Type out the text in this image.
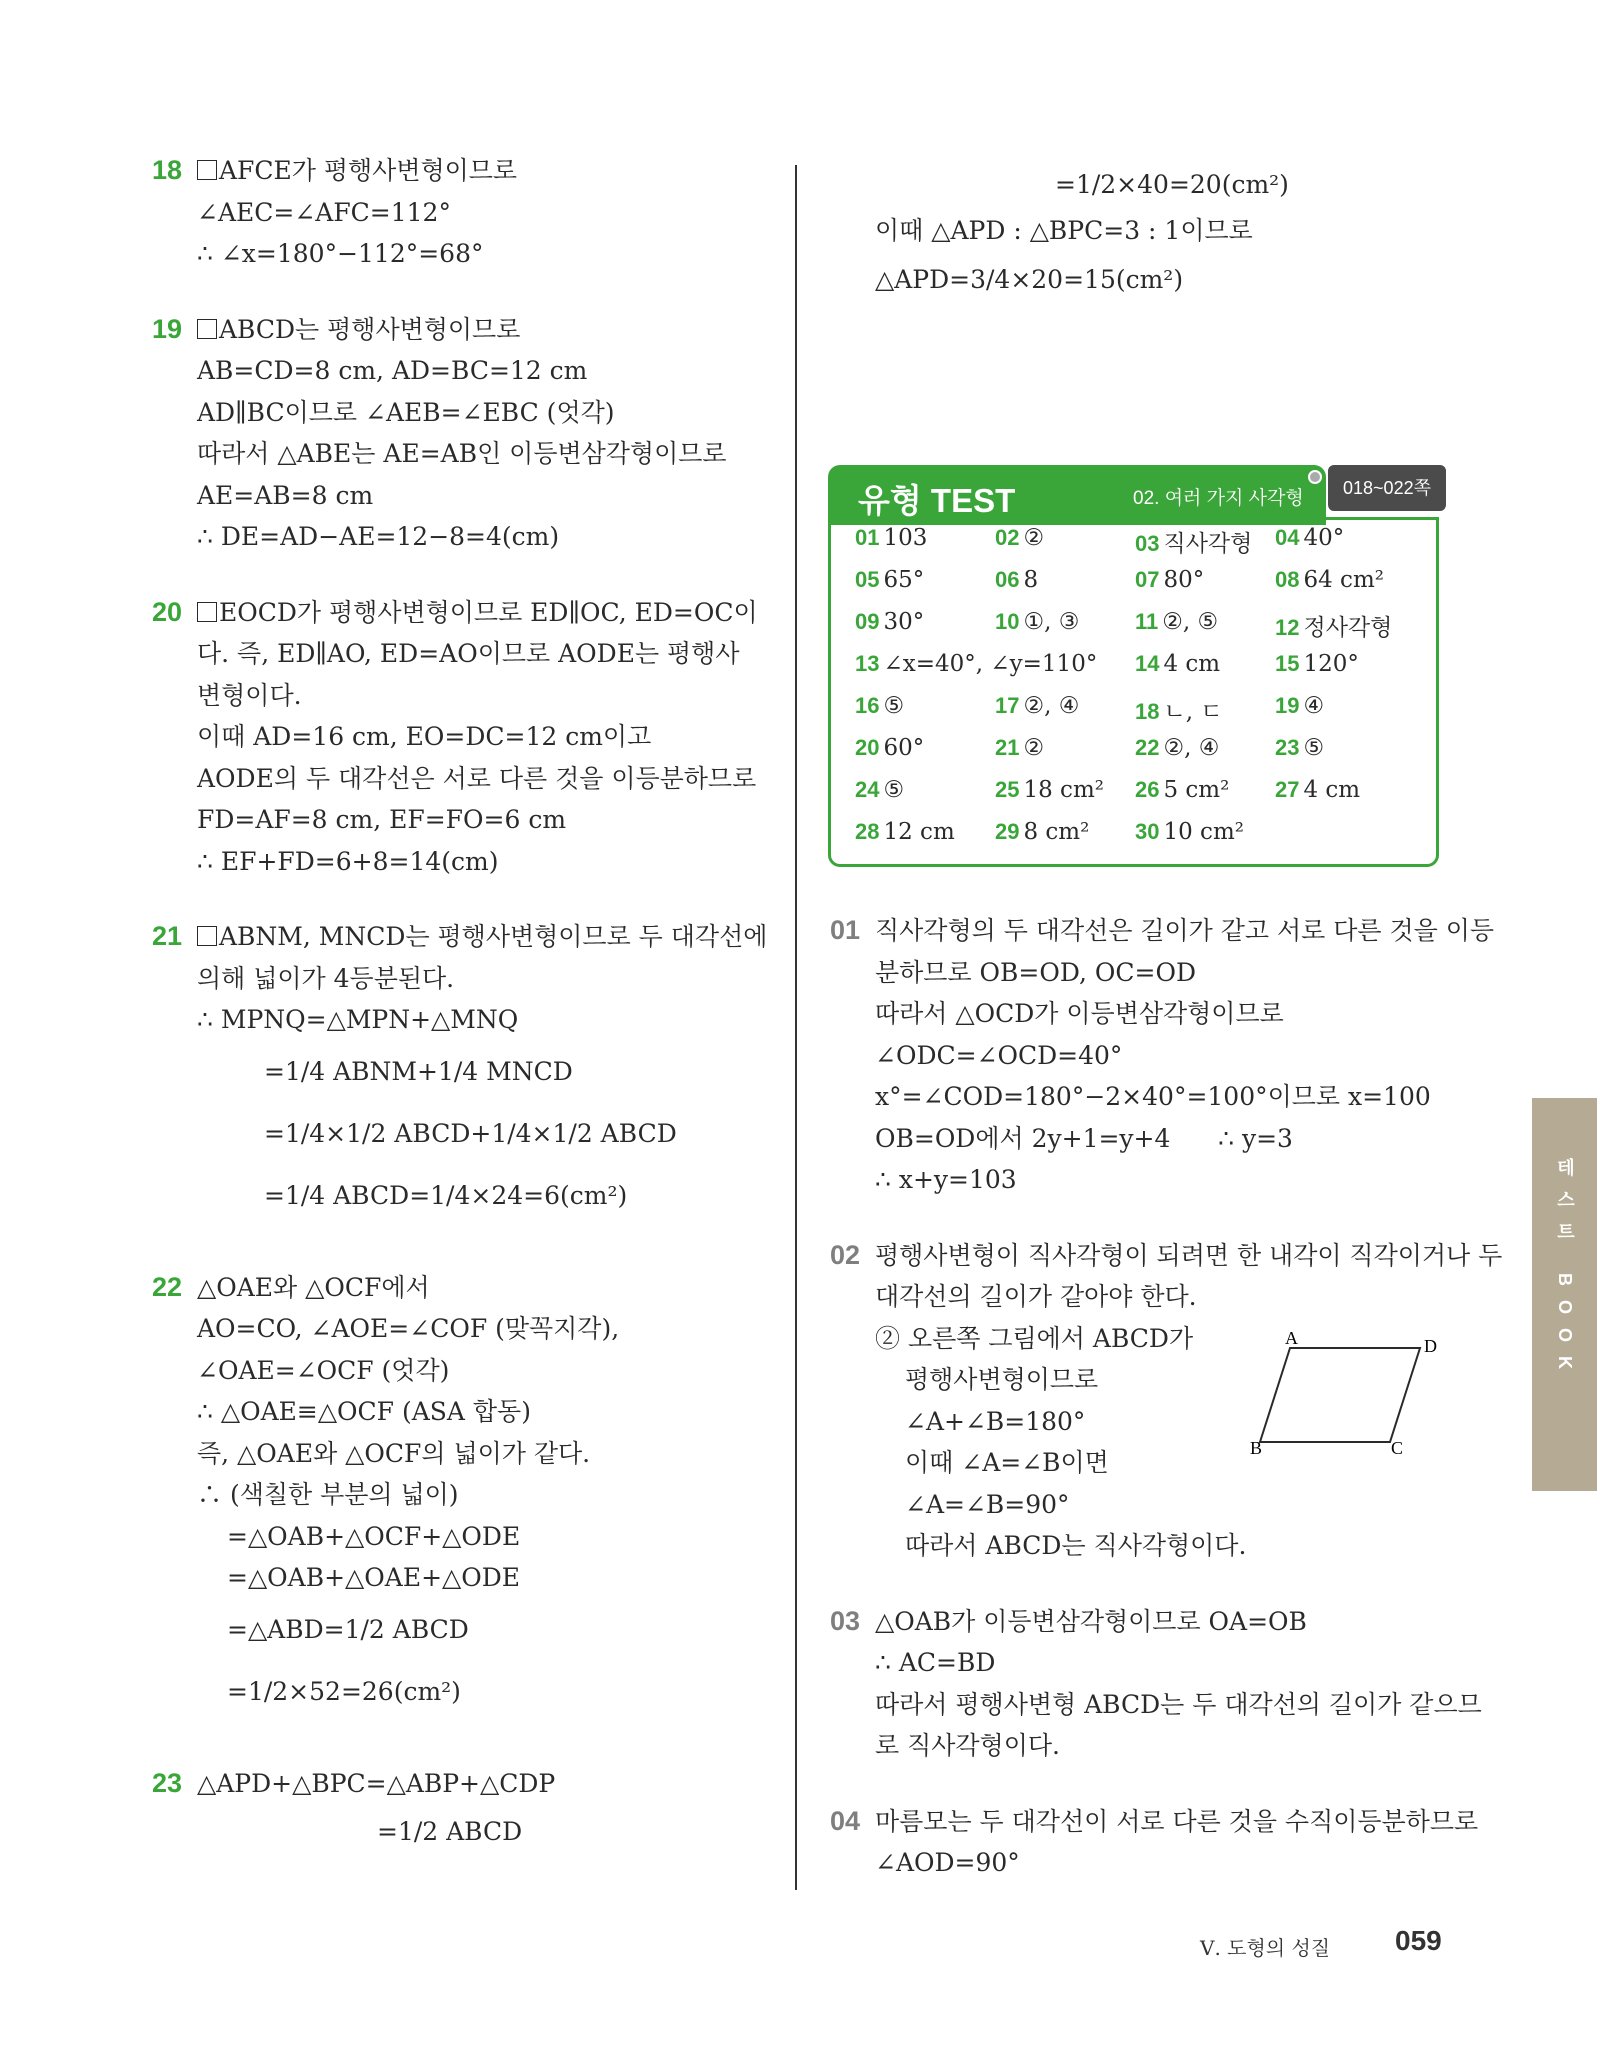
18 AFCE가 평행사변형이므로
∠AEC=∠AFC=112°
∴ ∠x=180°−112°=68°
19 ABCD는 평행사변형이므로
AB=CD=8 cm, AD=BC=12 cm
AD∥BC이므로 ∠AEB=∠EBC (엇각)
따라서 △ABE는 AE=AB인 이등변삼각형이므로
AE=AB=8 cm
∴ DE=AD−AE=12−8=4(cm)
20 EOCD가 평행사변형이므로 ED∥OC, ED=OC이
다. 즉, ED∥AO, ED=AO이므로 AODE는 평행사
변형이다.
이때 AD=16 cm, EO=DC=12 cm이고
AODE의 두 대각선은 서로 다른 것을 이등분하므로
FD=AF=8 cm, EF=FO=6 cm
∴ EF+FD=6+8=14(cm)
21 ABNM, MNCD는 평행사변형이므로 두 대각선에
의해 넓이가 4등분된다.
∴ MPNQ=△MPN+△MNQ
=1/4 ABNM+1/4 MNCD
=1/4×1/2 ABCD+1/4×1/2 ABCD
=1/4 ABCD=1/4×24=6(cm²)
22 △OAE와 △OCF에서
AO=CO, ∠AOE=∠COF (맞꼭지각),
∠OAE=∠OCF (엇각)
∴ △OAE≡△OCF (ASA 합동)
즉, △OAE와 △OCF의 넓이가 같다.
∴ (색칠한 부분의 넓이)
=△OAB+△OCF+△ODE
=△OAB+△OAE+△ODE
=△ABD=1/2 ABCD
=1/2×52=26(cm²)
23 △APD+△BPC=△ABP+△CDP
=1/2 ABCD
=1/2×40=20(cm²)
이때 △APD : △BPC=3 : 1이므로
△APD=3/4×20=15(cm²)
유형 TEST	02. 여러 가지 사각형	018~022쪽
01 103	02 ②	03 직사각형 04 40°
05 65°	06 8	07 80°	08 64 cm²
09 30°	10 ①, ③	11 ②, ⑤	12 정사각형
13 ∠x=40°, ∠y=110° 14 4 cm 15 120°
16 ⑤	17 ②, ④	18 ㄴ, ㄷ 19 ④
20 60°	21 ②	22 ②, ④	23 ⑤
24 ⑤	25 18 cm² 26 5 cm² 27 4 cm
28 12 cm 29 8 cm² 30 10 cm²
01 직사각형의 두 대각선은 길이가 같고 서로 다른 것을 이등
분하므로 OB=OD, OC=OD
따라서 △OCD가 이등변삼각형이므로
∠ODC=∠OCD=40°
x°=∠COD=180°−2×40°=100°이므로 x=100
OB=OD에서 2y+1=y+4      ∴ y=3
∴ x+y=103
02 평행사변형이 직사각형이 되려면 한 내각이 직각이거나 두
대각선의 길이가 같아야 한다.
② 오른쪽 그림에서 ABCD가
평행사변형이므로
∠A+∠B=180°
이때 ∠A=∠B이면
∠A=∠B=90°
따라서 ABCD는 직사각형이다.
03 △OAB가 이등변삼각형이므로 OA=OB
∴ AC=BD
따라서 평행사변형 ABCD는 두 대각선의 길이가 같으므
로 직사각형이다.
04 마름모는 두 대각선이 서로 다른 것을 수직이등분하므로
∠AOD=90°
A	D
B	C
테스트 BOOK
Ⅴ. 도형의 성질 059
